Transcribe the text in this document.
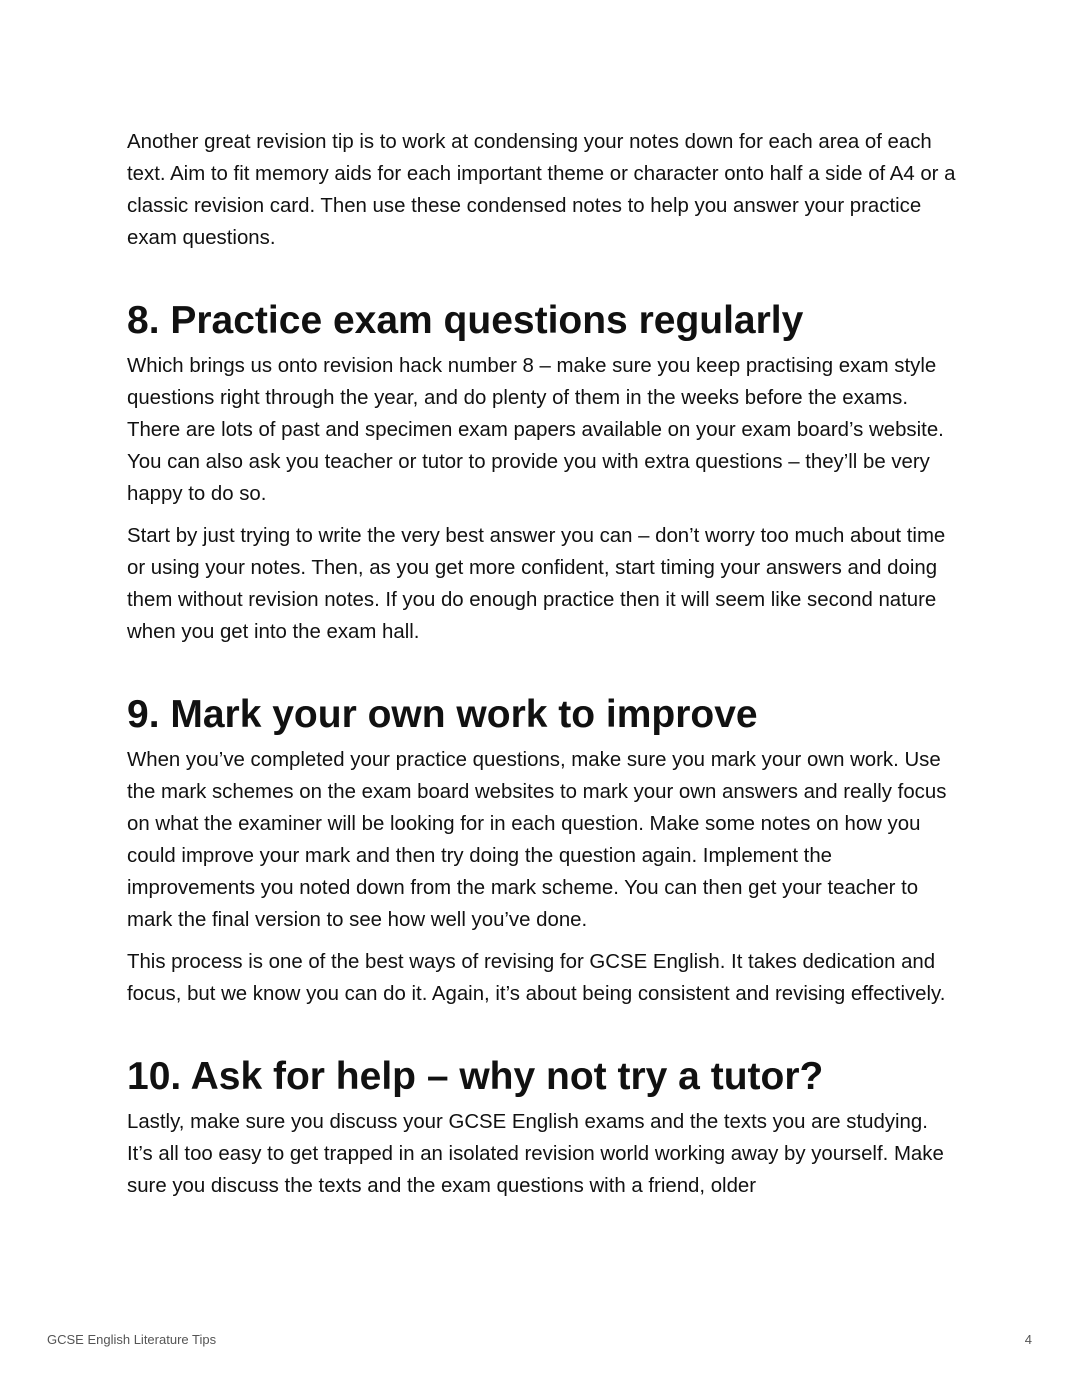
Another great revision tip is to work at condensing your notes down for each area of each text. Aim to fit memory aids for each important theme or character onto half a side of A4 or a classic revision card. Then use these condensed notes to help you answer your practice exam questions.

8. Practice exam questions regularly

Which brings us onto revision hack number 8 – make sure you keep practising exam style questions right through the year, and do plenty of them in the weeks before the exams. There are lots of past and specimen exam papers available on your exam board’s website. You can also ask you teacher or tutor to provide you with extra questions – they’ll be very happy to do so.

Start by just trying to write the very best answer you can – don’t worry too much about time or using your notes. Then, as you get more confident, start timing your answers and doing them without revision notes. If you do enough practice then it will seem like second nature when you get into the exam hall.

9. Mark your own work to improve

When you’ve completed your practice questions, make sure you mark your own work. Use the mark schemes on the exam board websites to mark your own answers and really focus on what the examiner will be looking for in each question. Make some notes on how you could improve your mark and then try doing the question again. Implement the improvements you noted down from the mark scheme. You can then get your teacher to mark the final version to see how well you’ve done.

This process is one of the best ways of revising for GCSE English. It takes dedication and focus, but we know you can do it. Again, it’s about being consistent and revising effectively.

10. Ask for help – why not try a tutor?

Lastly, make sure you discuss your GCSE English exams and the texts you are studying. It’s all too easy to get trapped in an isolated revision world working away by yourself. Make sure you discuss the texts and the exam questions with a friend, older

GCSE English Literature Tips	4
